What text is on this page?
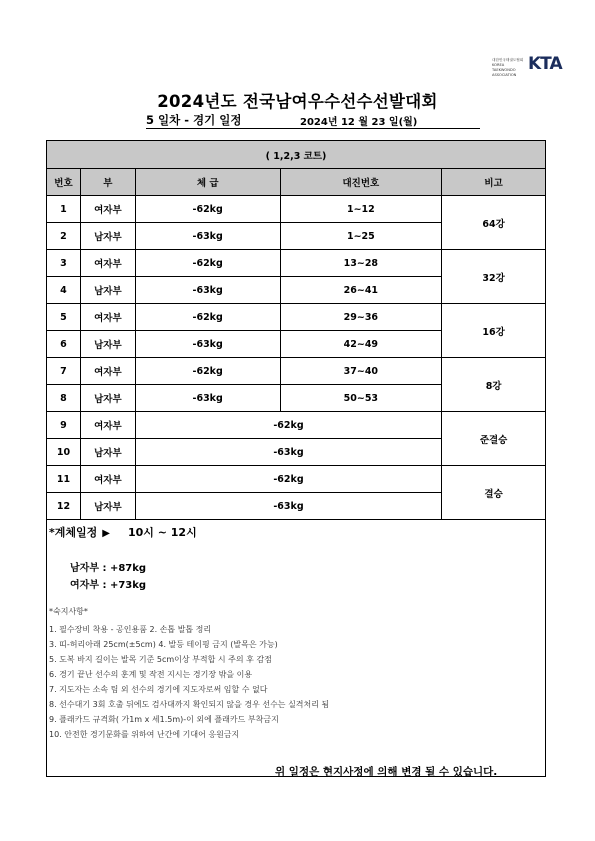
대한민국태권도협회 KOREA TAEKWONDO ASSOCIATION
KTA
2024년도 전국남여우수선수선발대회
5 일차 - 경기 일정	2024년 12 월 23 일(월)
( 1,2,3 코트)				
번호	부	체 급	대진번호	비고
1	여자부	-62kg	1~12	64강
2	남자부	-63kg	1~25	
3	여자부	-62kg	13~28	32강
4	남자부	-63kg	26~41	
5	여자부	-62kg	29~36	16강
6	남자부	-63kg	42~49	
7	여자부	-62kg	37~40	8강
8	남자부	-63kg	50~53	
9	여자부	-62kg		준결승
10	남자부	-63kg		
11	여자부	-62kg		결승
12	남자부	-63kg		
*계체일정 ▶ 10시 ~ 12시
남자부 : +87kg
여자부 : +73kg
*숙지사항*
1. 필수장비 착용 - 공인용품 2. 손톱 발톱 정리
3. 띠-허리아래 25cm(±5cm) 4. 발등 테이핑 금지 (발목은 가능)
5. 도복 바지 길이는 발목 기준 5cm이상 부적합 시 주의 후 감점
6. 경기 끝난 선수의 훈계 및 작전 지시는 경기장 밖을 이용
7. 지도자는 소속 팀 외 선수의 경기에 지도자로써 임할 수 없다
8. 선수대기 3회 호출 뒤에도 검사대까지 확인되지 않을 경우 선수는 실격처리 됨
9. 플래카드 규격화( 가1m x 세1.5m)-이 외에 플래카드 부착금지
10. 안전한 경기문화를 위하여 난간에 기대어 응원금지
위 일정은 현지사정에 의해 변경 될 수 있습니다.
